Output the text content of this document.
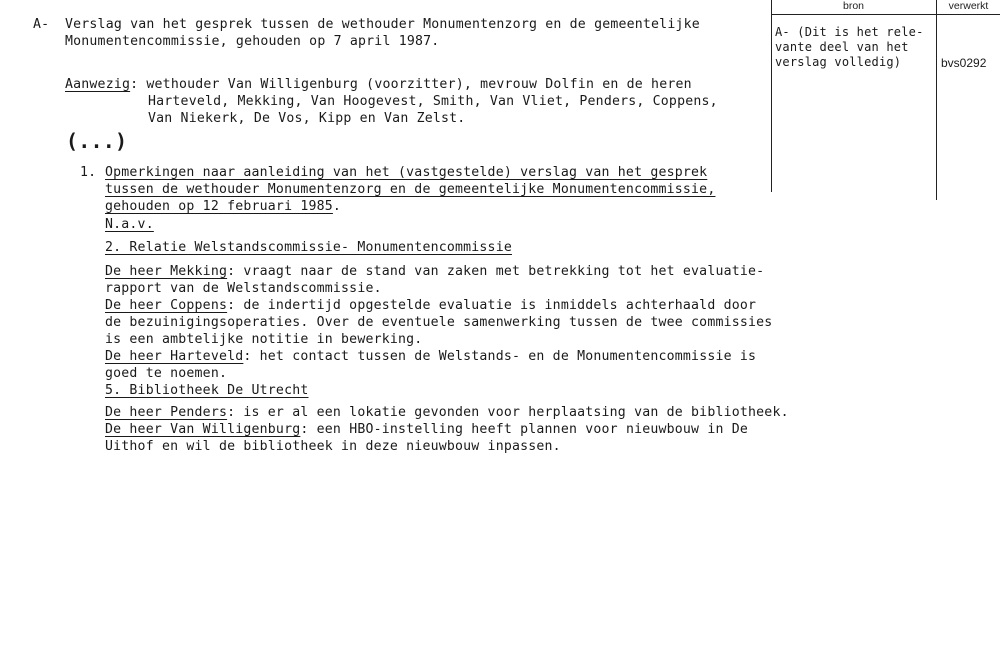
A- Verslag van het gesprek tussen de wethouder Monumentenzorg en de gemeentelijke
Monumentencommissie, gehouden op 7 april 1987.
Aanwezig: wethouder Van Willigenburg (voorzitter), mevrouw Dolfin en de heren
Harteveld, Mekking, Van Hoogevest, Smith, Van Vliet, Penders, Coppens,
Van Niekerk, De Vos, Kipp en Van Zelst.
(...)
1. Opmerkingen naar aanleiding van het (vastgestelde) verslag van het gesprek
tussen de wethouder Monumentenzorg en de gemeentelijke Monumentencommissie,
gehouden op 12 februari 1985.
N.a.v.
2. Relatie Welstandscommissie- Monumentencommissie
De heer Mekking: vraagt naar de stand van zaken met betrekking tot het evaluatie-
rapport van de Welstandscommissie.
De heer Coppens: de indertijd opgestelde evaluatie is inmiddels achterhaald door
de bezuinigingsoperaties. Over de eventuele samenwerking tussen de twee commissies
is een ambtelijke notitie in bewerking.
De heer Harteveld: het contact tussen de Welstands- en de Monumentencommissie is
goed te noemen.
5. Bibliotheek De Utrecht
De heer Penders: is er al een lokatie gevonden voor herplaatsing van de bibliotheek.
De heer Van Willigenburg: een HBO-instelling heeft plannen voor nieuwbouw in De
Uithof en wil de bibliotheek in deze nieuwbouw inpassen.
bron	verwerkt
A- (Dit is het rele-
vante deel van het
verslag volledig)	bvs0292
